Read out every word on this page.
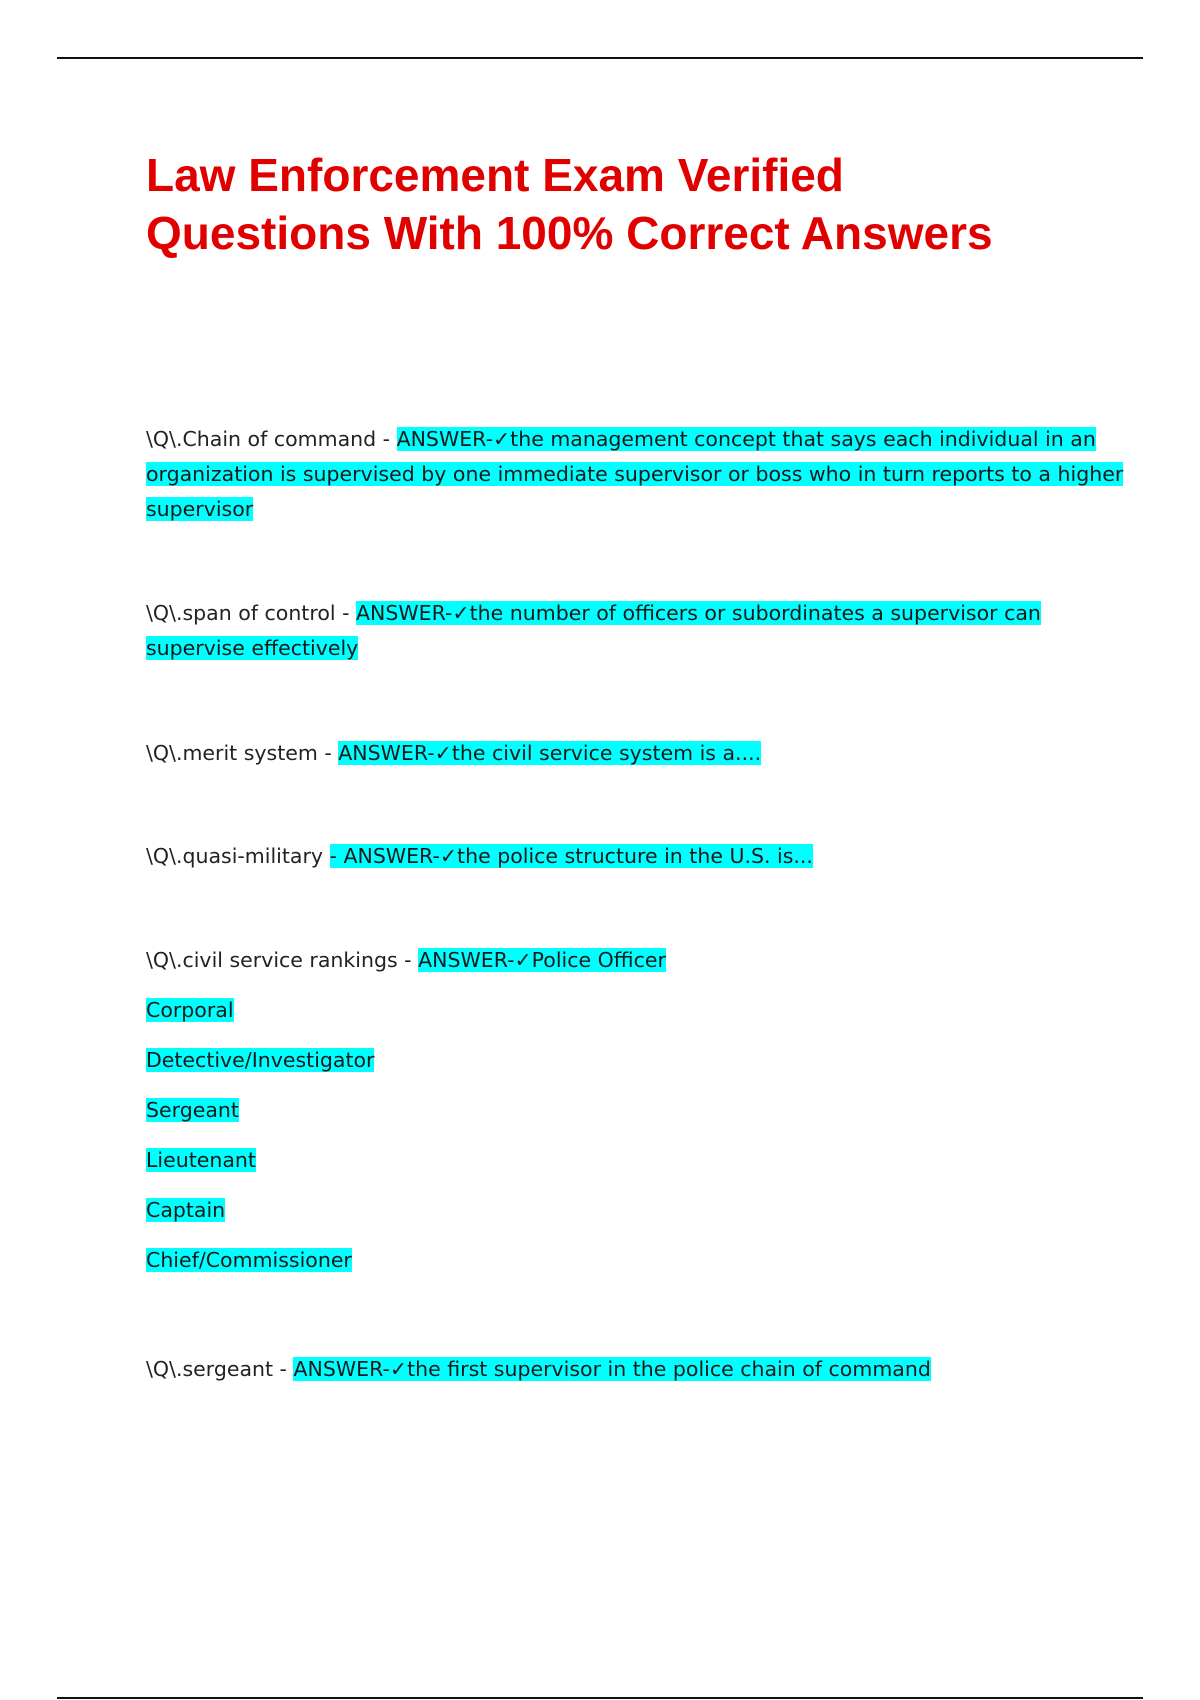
Law Enforcement Exam Verified
Questions With 100% Correct Answers
\Q\.Chain of command - ANSWER-✓the management concept that says each individual in an
organization is supervised by one immediate supervisor or boss who in turn reports to a higher
supervisor
\Q\.span of control - ANSWER-✓the number of officers or subordinates a supervisor can
supervise effectively
\Q\.merit system - ANSWER-✓the civil service system is a....
\Q\.quasi-military - ANSWER-✓the police structure in the U.S. is...
\Q\.civil service rankings - ANSWER-✓Police Officer
Corporal
Detective/Investigator
Sergeant
Lieutenant
Captain
Chief/Commissioner
\Q\.sergeant - ANSWER-✓the first supervisor in the police chain of command
